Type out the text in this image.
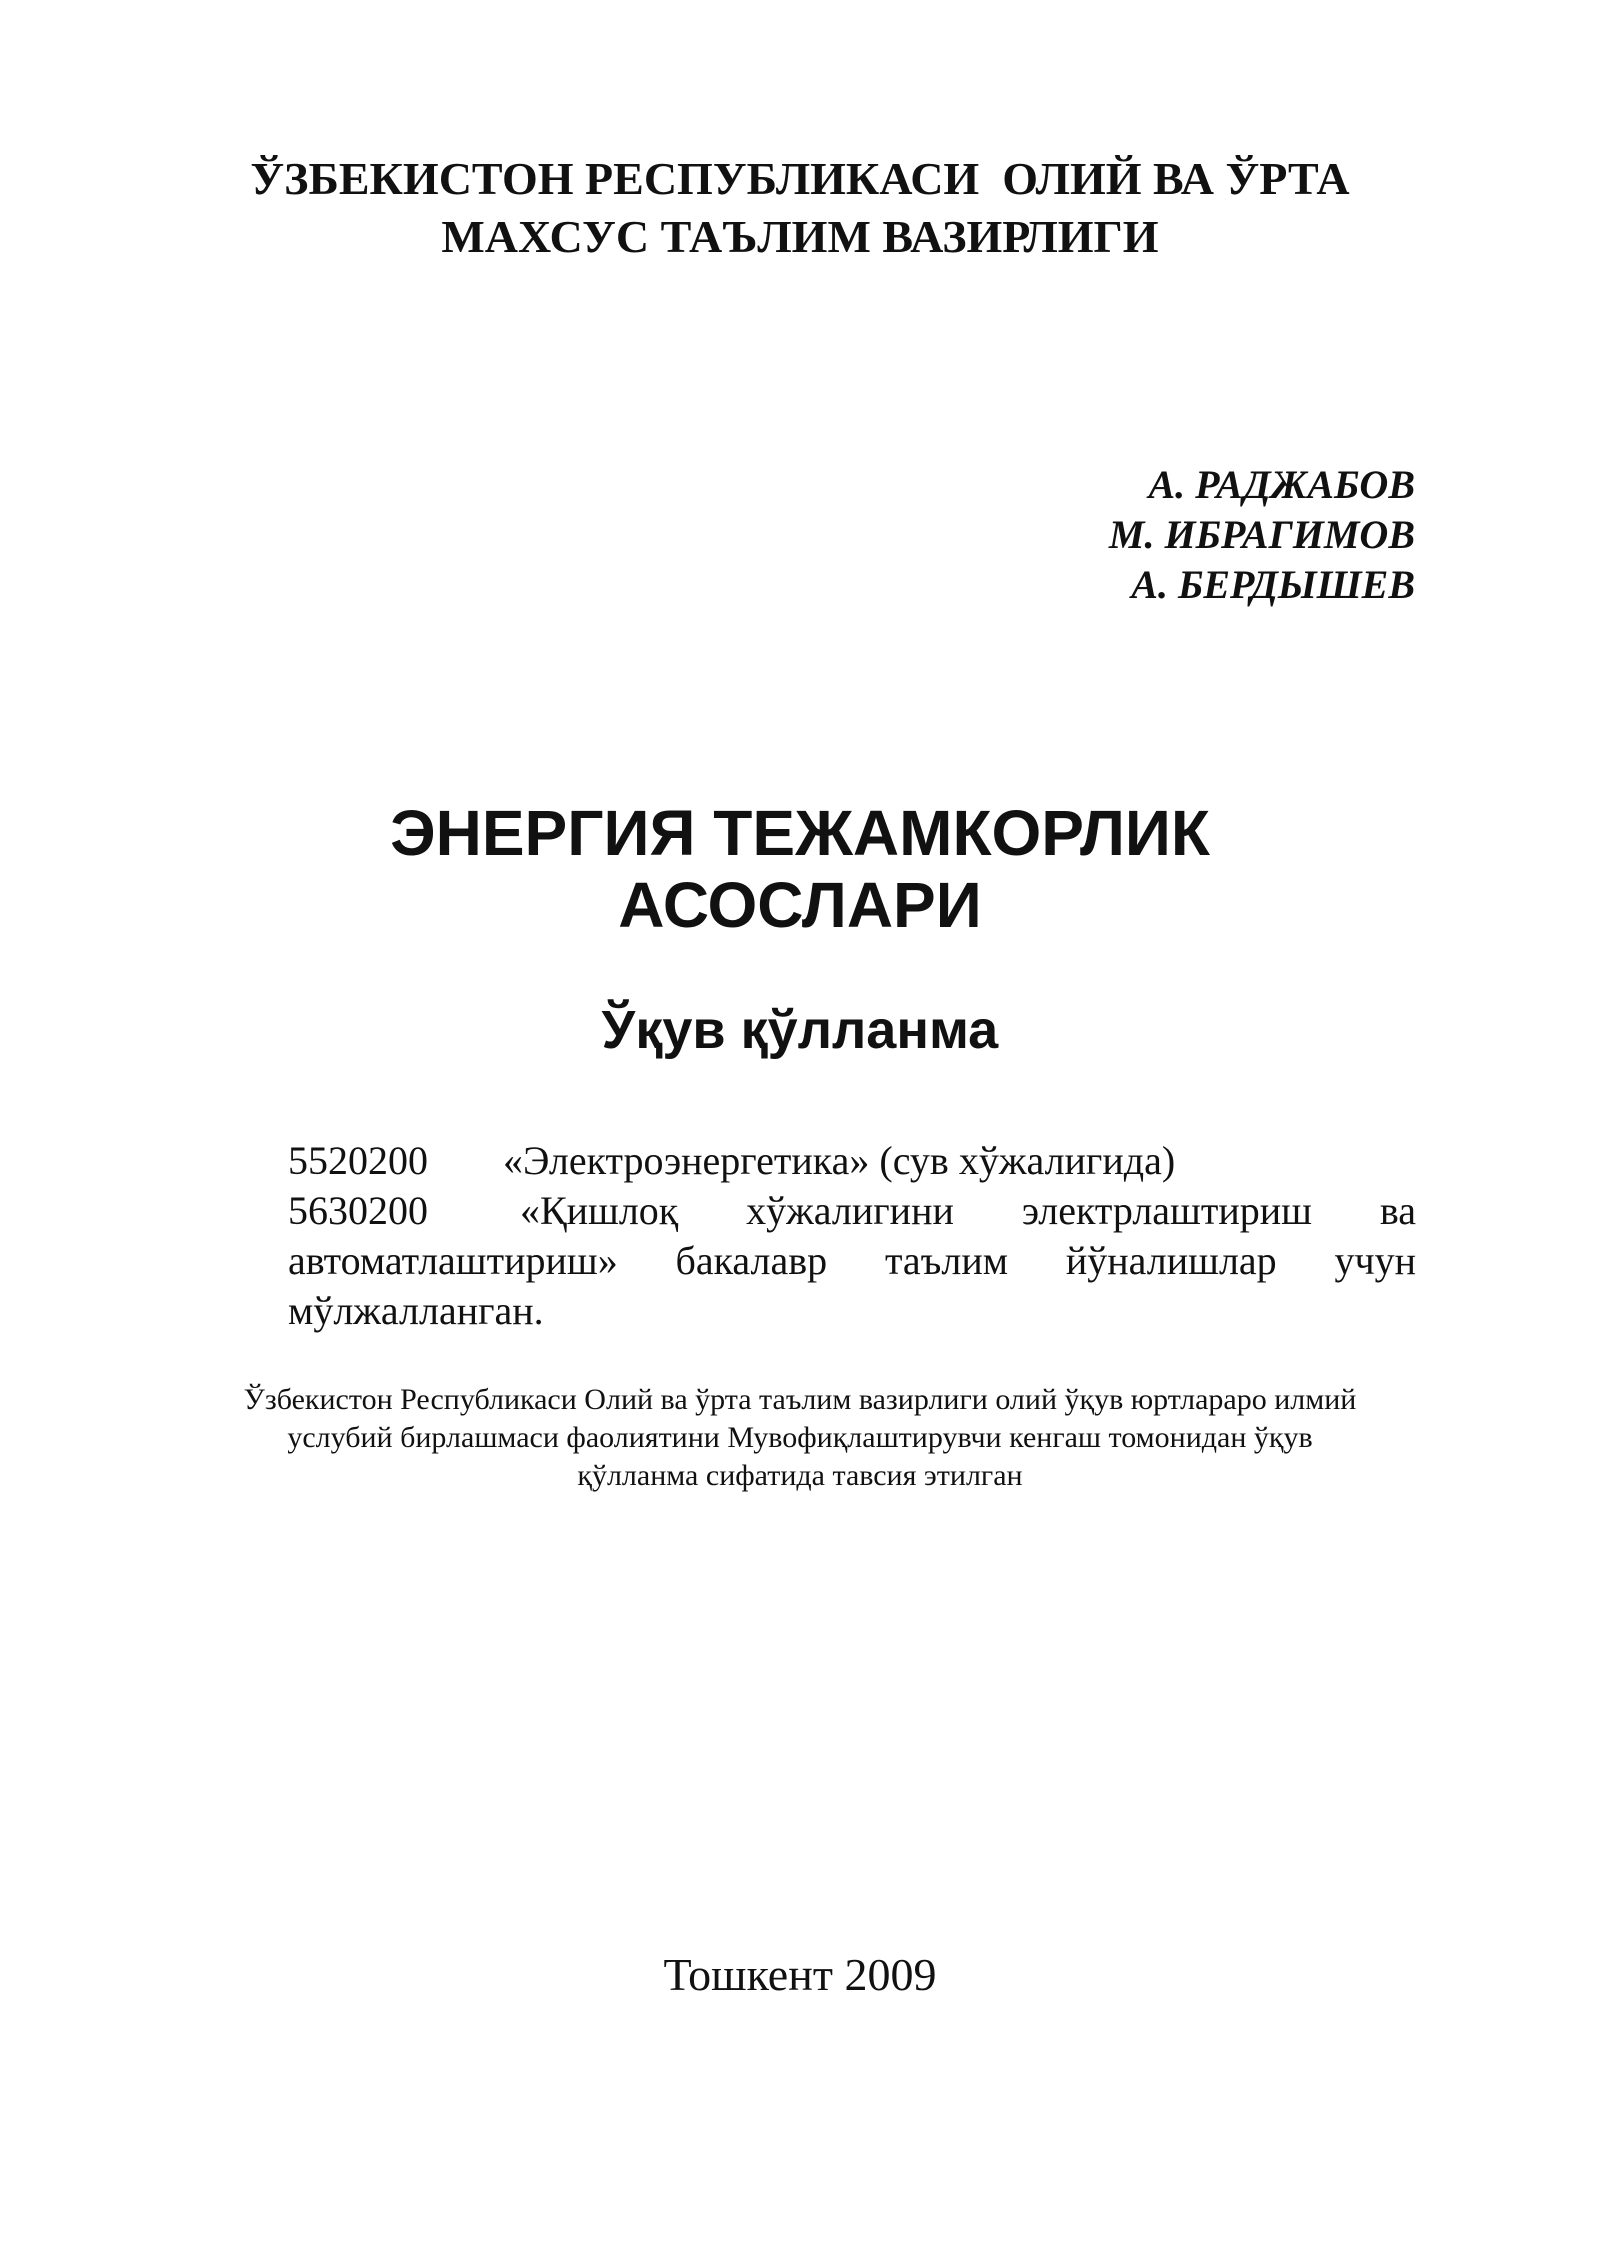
ЎЗБЕКИСТОН РЕСПУБЛИКАСИ  ОЛИЙ ВА ЎРТА
МАХСУС ТАЪЛИМ ВАЗИРЛИГИ
А. РАДЖАБОВ
М. ИБРАГИМОВ
А. БЕРДЫШЕВ
ЭНЕРГИЯ ТЕЖАМКОРЛИК
АСОСЛАРИ
Ўқув қўлланма
5520200 «Электроэнергетика» (сув хўжалигида)
5630200 «Қишлоқ хўжалигини электрлаштириш ва автоматлаштириш» бакалавр таълим йўналишлар учун мўлжалланган.
Ўзбекистон Республикаси Олий ва ўрта таълим вазирлиги олий ўқув юртлараро илмий
услубий бирлашмаси фаолиятини Мувофиқлаштирувчи кенгаш томонидан ўқув
қўлланма сифатида тавсия этилган
Тошкент 2009
